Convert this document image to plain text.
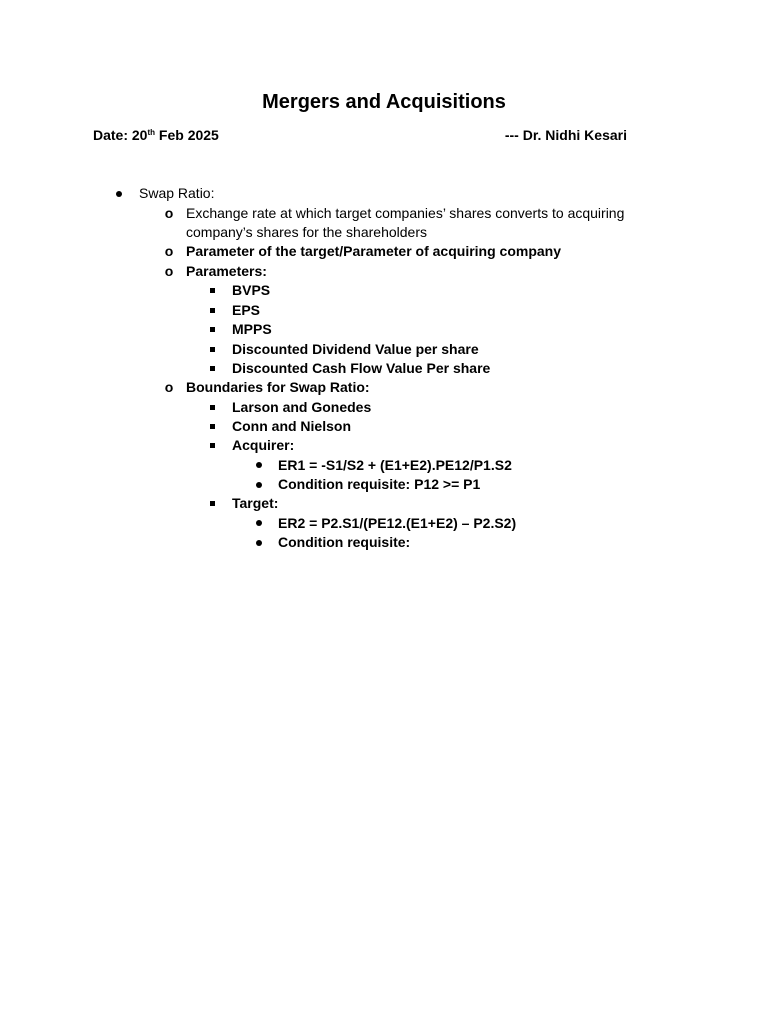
Mergers and Acquisitions
Date: 20th Feb 2025	--- Dr. Nidhi Kesari
Swap Ratio:
o Exchange rate at which target companies’ shares converts to acquiring
company’s shares for the shareholders
o Parameter of the target/Parameter of acquiring company
o Parameters:
BVPS
EPS
MPPS
Discounted Dividend Value per share
Discounted Cash Flow Value Per share
o Boundaries for Swap Ratio:
Larson and Gonedes
Conn and Nielson
Acquirer:
ER1 = -S1/S2 + (E1+E2).PE12/P1.S2
Condition requisite: P12 >= P1
Target:
ER2 = P2.S1/(PE12.(E1+E2) – P2.S2)
Condition requisite:
